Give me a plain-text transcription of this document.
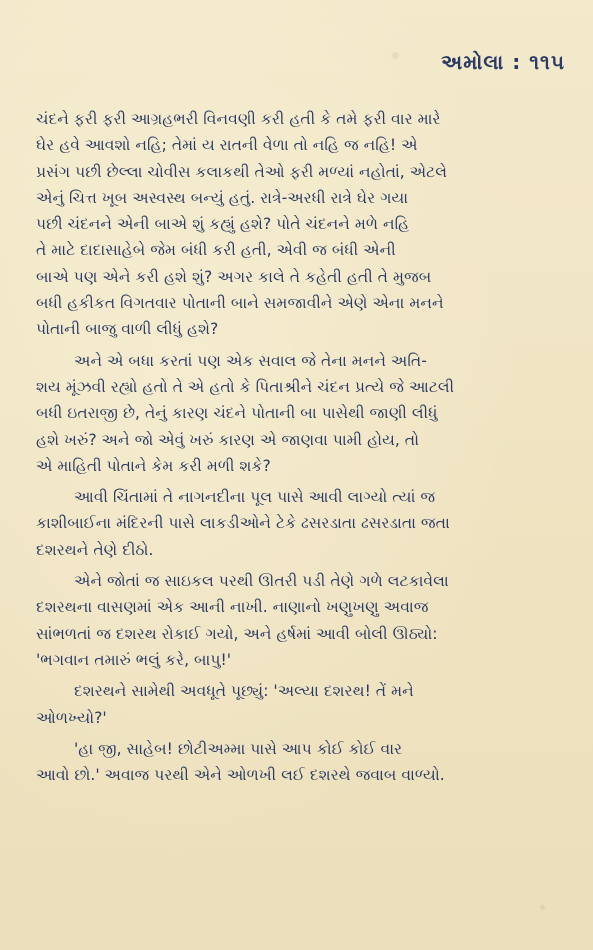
અમોલા : ૧૧૫

ચંદને ફરી ફરી આગ્રહભરી વિનવણી કરી હતી કે તમે ફરી વાર મારે
ઘેર હવે આવશો નહિ; તેમાં ય રાતની વેળા તો નહિ જ નહિ! એ
પ્રસંગ પછી છેલ્લા ચોવીસ કલાકથી તેઓ ફરી મળ્યાં નહોતાં, એટલે
એનું ચિત્ત ખૂબ અસ્વસ્થ બન્યું હતું. રાત્રે-અરધી રાત્રે ઘેર ગયા
પછી ચંદનને એની બાએ શું કહ્યું હશે? પોતે ચંદનને મળે નહિ
તે માટે દાદાસાહેબે જેમ બંધી કરી હતી, એવી જ બંધી એની
બાએ પણ એને કરી હશે શું? અગર કાલે તે કહેતી હતી તે મુજબ
બધી હકીકત વિગતવાર પોતાની બાને સમજાવીને એણે એના મનને
પોતાની બાજુ વાળી લીધું હશે?

અને એ બધા કરતાં પણ એક સવાલ જે તેના મનને અતિ-
શય મૂંઝવી રહ્યો હતો તે એ હતો કે પિતાશ્રીને ચંદન પ્રત્યે જે આટલી
બધી ઇતરાજી છે, તેનું કારણ ચંદને પોતાની બા પાસેથી જાણી લીધું
હશે ખરું? અને જો એવું ખરું કારણ એ જાણવા પામી હોય, તો
એ માહિતી પોતાને કેમ કરી મળી શકે?

આવી ચિંતામાં તે નાગનદીના પૂલ પાસે આવી લાગ્યો ત્યાં જ
કાશીબાઈના મંદિરની પાસે લાકડીઓને ટેકે ઢસરડાતા ઢસરડાતા જતા
દશરથને તેણે દીઠો.

એને જોતાં જ સાઇકલ પરથી ઊતરી પડી તેણે ગળે લટકાવેલા
દશરથના વાસણમાં એક આની નાખી. નાણાનો ખણુખણુ અવાજ
સાંભળતાં જ દશરથ રોકાઈ ગયો, અને હર્ષમાં આવી બોલી ઊઠ્યો:
'ભગવાન તમારું ભલું કરે, બાપુ!'

દશરથને સામેથી અવધૂતે પૂછ્યું: 'અલ્યા દશરથ! તેં મને
ઓળખ્યો?'

'હા જી, સાહેબ! છોટીઅમ્મા પાસે આપ કોઈ કોઈ વાર
આવો છો.' અવાજ પરથી એને ઓળખી લઈ દશરથે જવાબ વાળ્યો.
